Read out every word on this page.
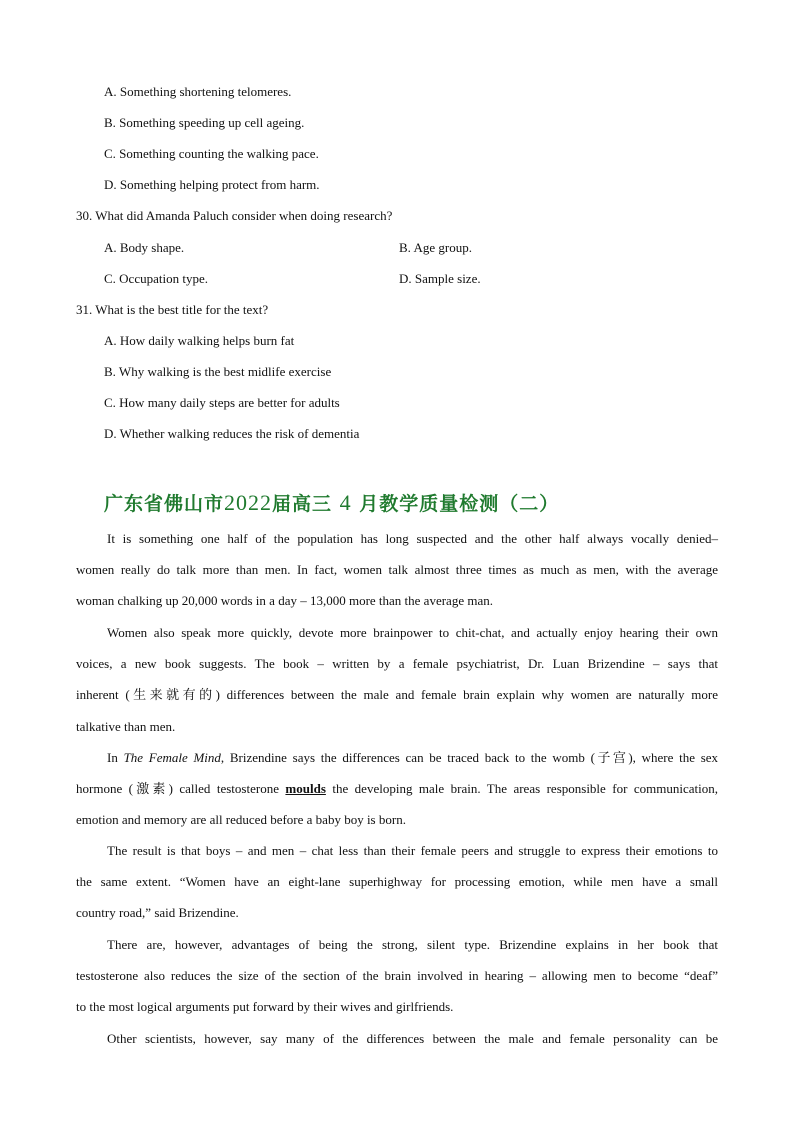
A. Something shortening telomeres.
B. Something speeding up cell ageing.
C. Something counting the walking pace.
D. Something helping protect from harm.
30. What did Amanda Paluch consider when doing research?
A. Body shape.	B. Age group.
C. Occupation type.	D. Sample size.
31. What is the best title for the text?
A. How daily walking helps burn fat
B. Why walking is the best midlife exercise
C. How many daily steps are better for adults
D. Whether walking reduces the risk of dementia
广东省佛山市2022届高三 4 月教学质量检测（二）
It is something one half of the population has long suspected and the other half always vocally denied–
women really do talk more than men. In fact, women talk almost three times as much as men, with the average
woman chalking up 20,000 words in a day – 13,000 more than the average man.
Women also speak more quickly, devote more brainpower to chit-chat, and actually enjoy hearing their own
voices, a new book suggests. The book – written by a female psychiatrist, Dr. Luan Brizendine – says that
inherent (生来就有的) differences between the male and female brain explain why women are naturally more
talkative than men.
In The Female Mind, Brizendine says the differences can be traced back to the womb (子宫), where the sex
hormone (激素) called testosterone moulds the developing male brain. The areas responsible for communication,
emotion and memory are all reduced before a baby boy is born.
The result is that boys – and men – chat less than their female peers and struggle to express their emotions to
the same extent. “Women have an eight-lane superhighway for processing emotion, while men have a small
country road,” said Brizendine.
There are, however, advantages of being the strong, silent type. Brizendine explains in her book that
testosterone also reduces the size of the section of the brain involved in hearing – allowing men to become “deaf”
to the most logical arguments put forward by their wives and girlfriends.
Other scientists, however, say many of the differences between the male and female personality can be
